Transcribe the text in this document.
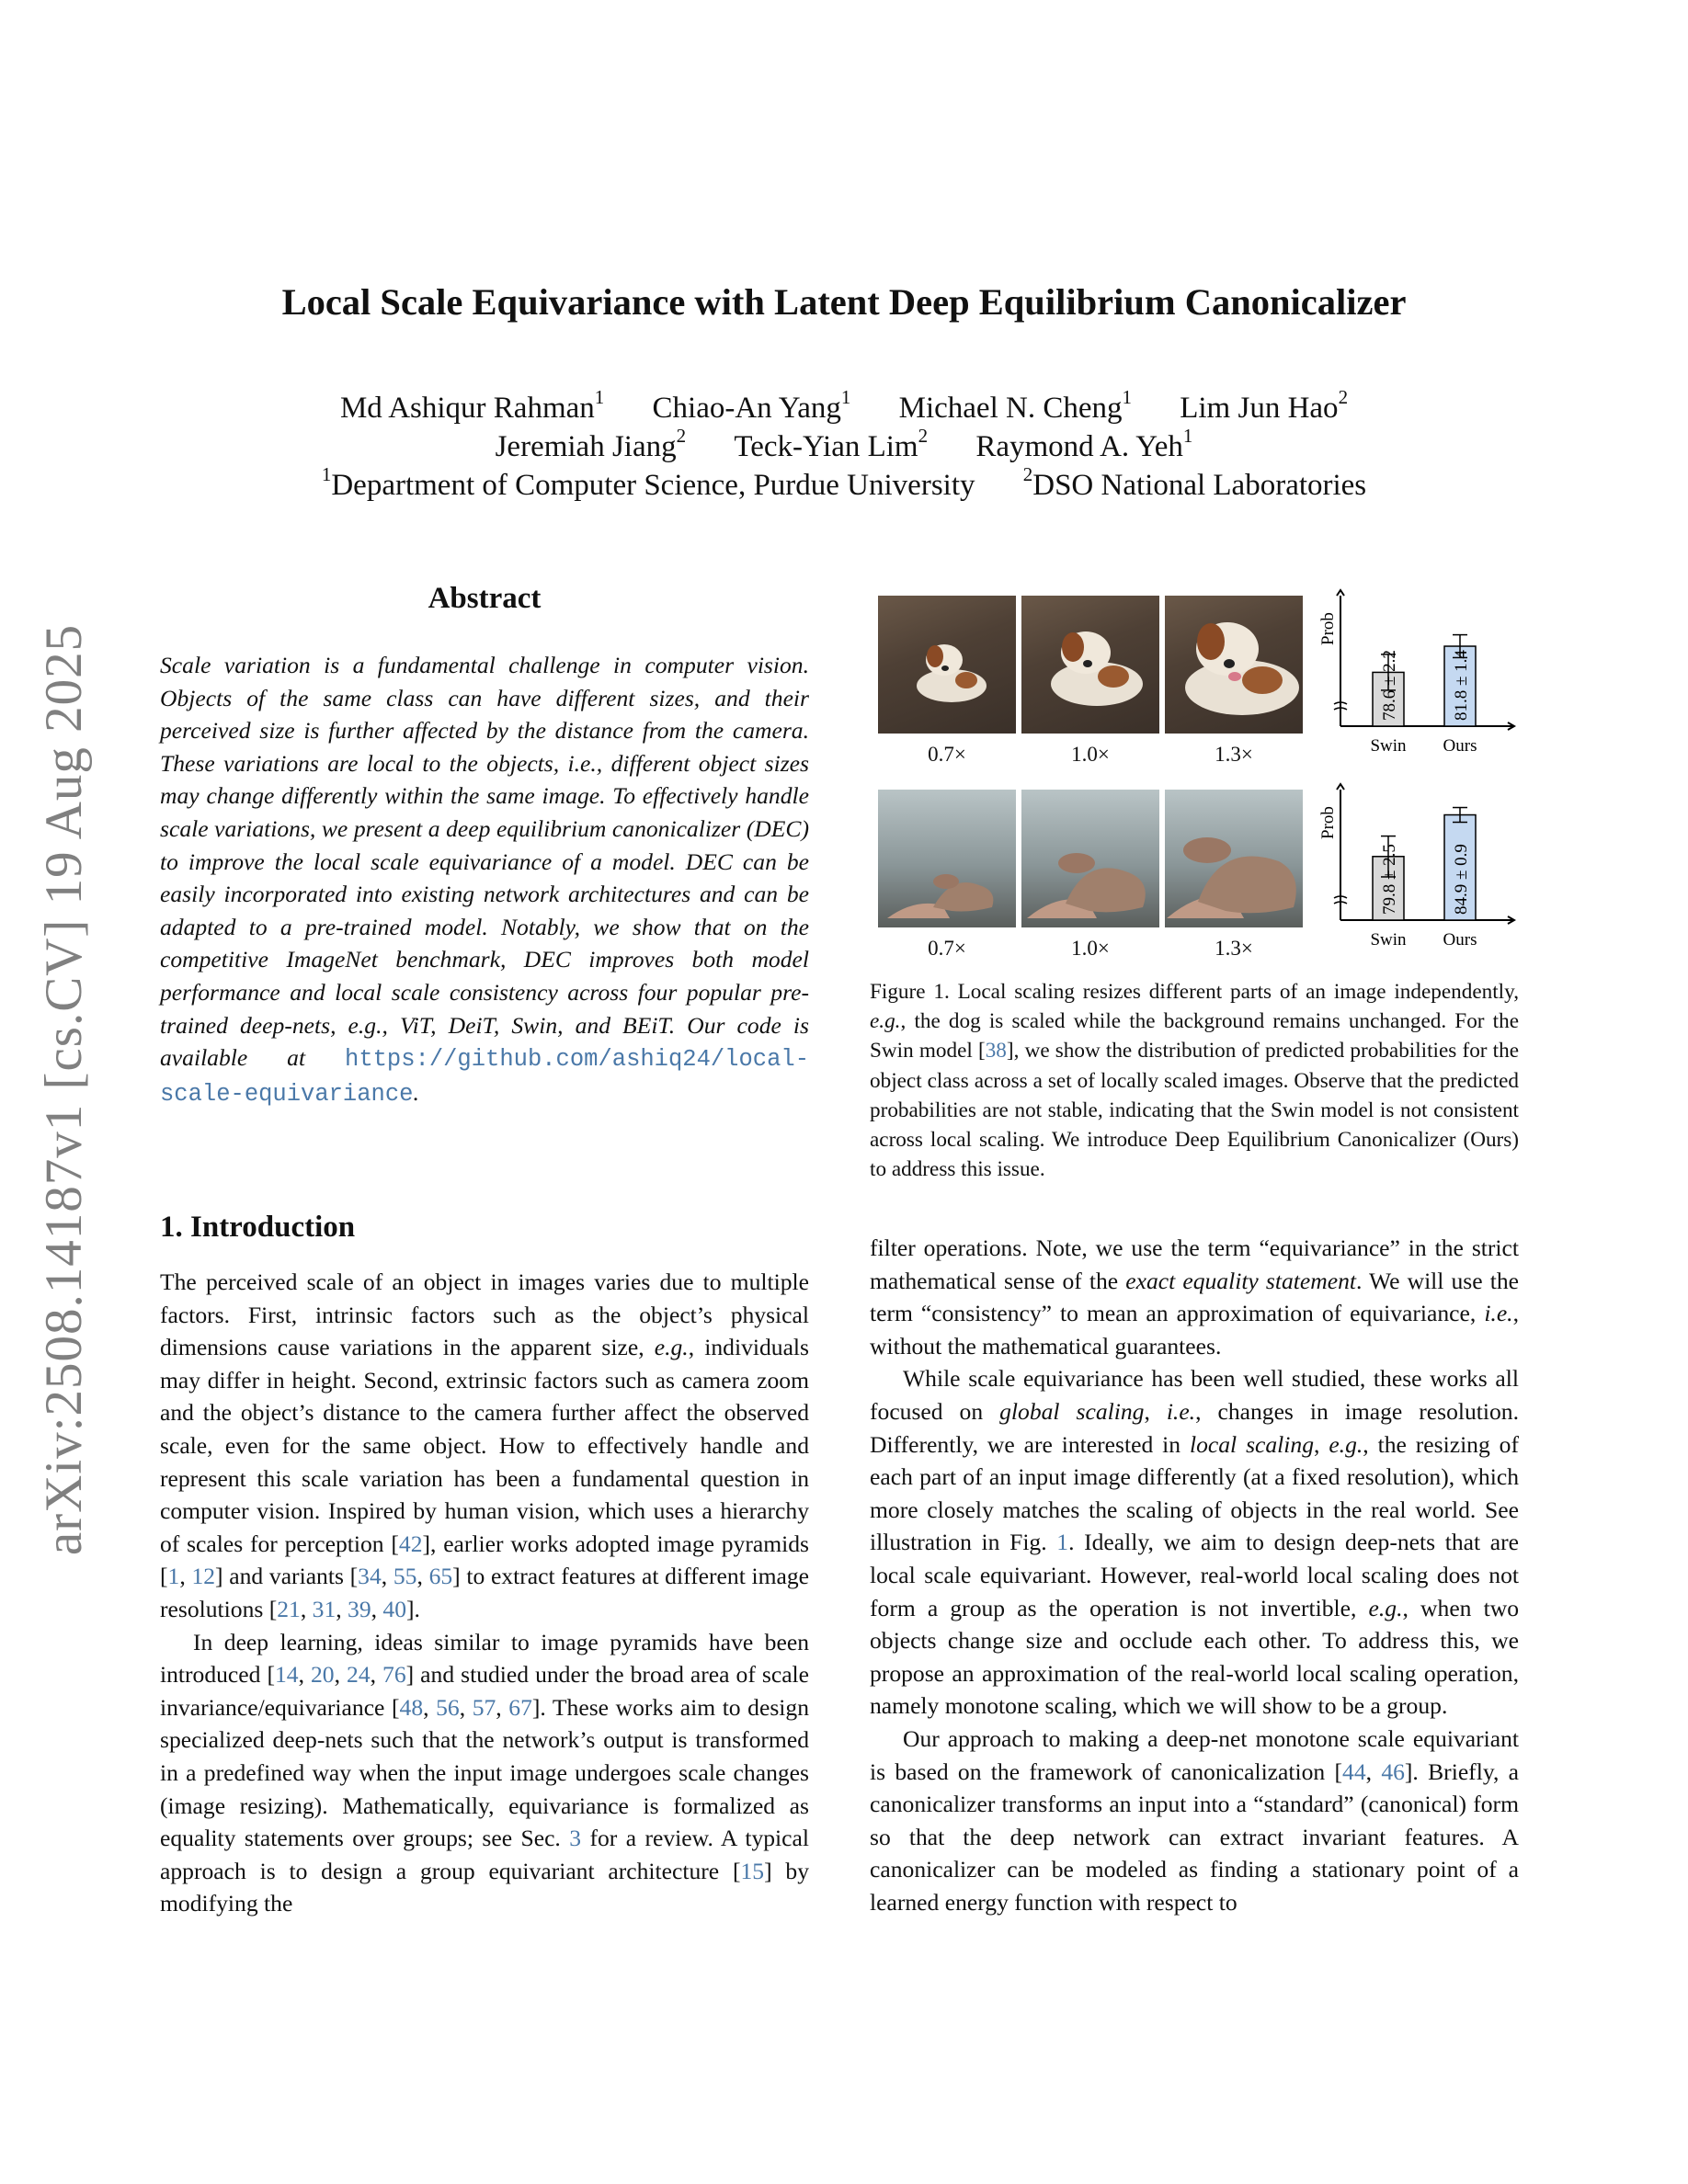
arXiv:2508.14187v1 [cs.CV] 19 Aug 2025
Local Scale Equivariance with Latent Deep Equilibrium Canonicalizer
Md Ashiqur Rahman$^1$ Chiao-An Yang$^1$ Michael N. Cheng$^1$ Lim Jun Hao$^2$
Jeremiah Jiang$^2$ Teck-Yian Lim$^2$ Raymond A. Yeh$^1$
$^1$Department of Computer Science, Purdue University $^2$DSO National Laboratories
Abstract

Scale variation is a fundamental challenge in computer vision. Objects of the same class can have different sizes, and their perceived size is further affected by the distance from the camera. These variations are local to the objects, i.e., different object sizes may change differently within the same image. To effectively handle scale variations, we present a deep equilibrium canonicalizer (DEC) to improve the local scale equivariance of a model. DEC can be easily incorporated into existing network architectures and can be adapted to a pre-trained model. Notably, we show that on the competitive ImageNet benchmark, DEC improves both model performance and local scale consistency across four popular pre-trained deep-nets, e.g., ViT, DeiT, Swin, and BEiT. Our code is available at https://github.com/ashiq24/local-scale-equivariance.

1. Introduction

The perceived scale of an object in images varies due to multiple factors. First, intrinsic factors such as the object’s physical dimensions cause variations in the apparent size, e.g., individuals may differ in height. Second, extrinsic factors such as camera zoom and the object’s distance to the camera further affect the observed scale, even for the same object. How to effectively handle and represent this scale variation has been a fundamental question in computer vision. Inspired by human vision, which uses a hierarchy of scales for perception [42], earlier works adopted image pyramids [1, 12] and variants [34, 55, 65] to extract features at different image resolutions [21, 31, 39, 40].

In deep learning, ideas similar to image pyramids have been introduced [14, 20, 24, 76] and studied under the broad area of scale invariance/equivariance [48, 56, 57, 67]. These works aim to design specialized deep-nets such that the network’s output is transformed in a predefined way when the input image undergoes scale changes (image resizing). Mathematically, equivariance is formalized as equality statements over groups; see Sec. 3 for a review. A typical approach is to design a group equivariant architecture [15] by modifying the

0.7×	1.0×	1.3×
0.7×	1.0×	1.3×
Prob
78.6 ± 2.2
Swin
81.8 ± 1.4
Ours
Prob
79.8 ± 2.5
Swin
84.9 ± 0.9
Ours
Figure 1. Local scaling resizes different parts of an image independently, e.g., the dog is scaled while the background remains unchanged. For the Swin model [38], we show the distribution of predicted probabilities for the object class across a set of locally scaled images. Observe that the predicted probabilities are not stable, indicating that the Swin model is not consistent across local scaling. We introduce Deep Equilibrium Canonicalizer (Ours) to address this issue.

filter operations. Note, we use the term “equivariance” in the strict mathematical sense of the exact equality statement. We will use the term “consistency” to mean an approximation of equivariance, i.e., without the mathematical guarantees.

While scale equivariance has been well studied, these works all focused on global scaling, i.e., changes in image resolution. Differently, we are interested in local scaling, e.g., the resizing of each part of an input image differently (at a fixed resolution), which more closely matches the scaling of objects in the real world. See illustration in Fig. 1. Ideally, we aim to design deep-nets that are local scale equivariant. However, real-world local scaling does not form a group as the operation is not invertible, e.g., when two objects change size and occlude each other. To address this, we propose an approximation of the real-world local scaling operation, namely monotone scaling, which we will show to be a group.

Our approach to making a deep-net monotone scale equivariant is based on the framework of canonicalization [44, 46]. Briefly, a canonicalizer transforms an input into a “standard” (canonical) form so that the deep network can extract invariant features. A canonicalizer can be modeled as finding a stationary point of a learned energy function with respect to
